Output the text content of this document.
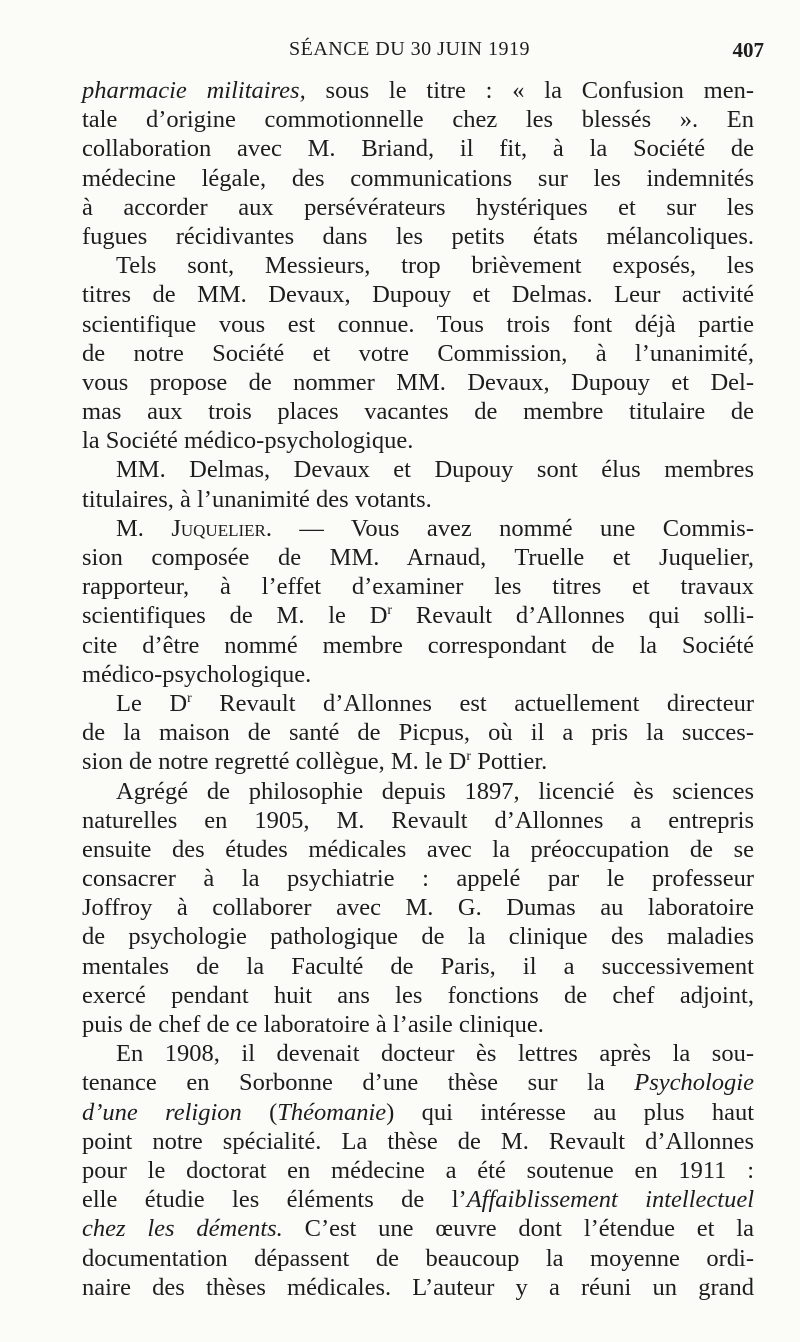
SÉANCE DU 30 JUIN 1919	407
pharmacie militaires, sous le titre : « la Confusion men-
tale d’origine commotionnelle chez les blessés ». En
collaboration avec M. Briand, il fit, à la Société de
médecine légale, des communications sur les indemnités
à accorder aux persévérateurs hystériques et sur les
fugues récidivantes dans les petits états mélancoliques.
Tels sont, Messieurs, trop brièvement exposés, les
titres de MM. Devaux, Dupouy et Delmas. Leur activité
scientifique vous est connue. Tous trois font déjà partie
de notre Société et votre Commission, à l’unanimité,
vous propose de nommer MM. Devaux, Dupouy et Del-
mas aux trois places vacantes de membre titulaire de
la Société médico-psychologique.
MM. Delmas, Devaux et Dupouy sont élus membres
titulaires, à l’unanimité des votants.
M. Juquelier. — Vous avez nommé une Commis-
sion composée de MM. Arnaud, Truelle et Juquelier,
rapporteur, à l’effet d’examiner les titres et travaux
scientifiques de M. le $D^r$ Revault d’Allonnes qui solli-
cite d’être nommé membre correspondant de la Société
médico-psychologique.
Le $D^r$ Revault d’Allonnes est actuellement directeur
de la maison de santé de Picpus, où il a pris la succes-
sion de notre regretté collègue, M. le $D^r$ Pottier.
Agrégé de philosophie depuis 1897, licencié ès sciences
naturelles en 1905, M. Revault d’Allonnes a entrepris
ensuite des études médicales avec la préoccupation de se
consacrer à la psychiatrie : appelé par le professeur
Joffroy à collaborer avec M. G. Dumas au laboratoire
de psychologie pathologique de la clinique des maladies
mentales de la Faculté de Paris, il a successivement
exercé pendant huit ans les fonctions de chef adjoint,
puis de chef de ce laboratoire à l’asile clinique.
En 1908, il devenait docteur ès lettres après la sou-
tenance en Sorbonne d’une thèse sur la Psychologie
d’une religion (Théomanie) qui intéresse au plus haut
point notre spécialité. La thèse de M. Revault d’Allonnes
pour le doctorat en médecine a été soutenue en 1911 :
elle étudie les éléments de l’Affaiblissement intellectuel
chez les déments. C’est une œuvre dont l’étendue et la
documentation dépassent de beaucoup la moyenne ordi-
naire des thèses médicales. L’auteur y a réuni un grand
